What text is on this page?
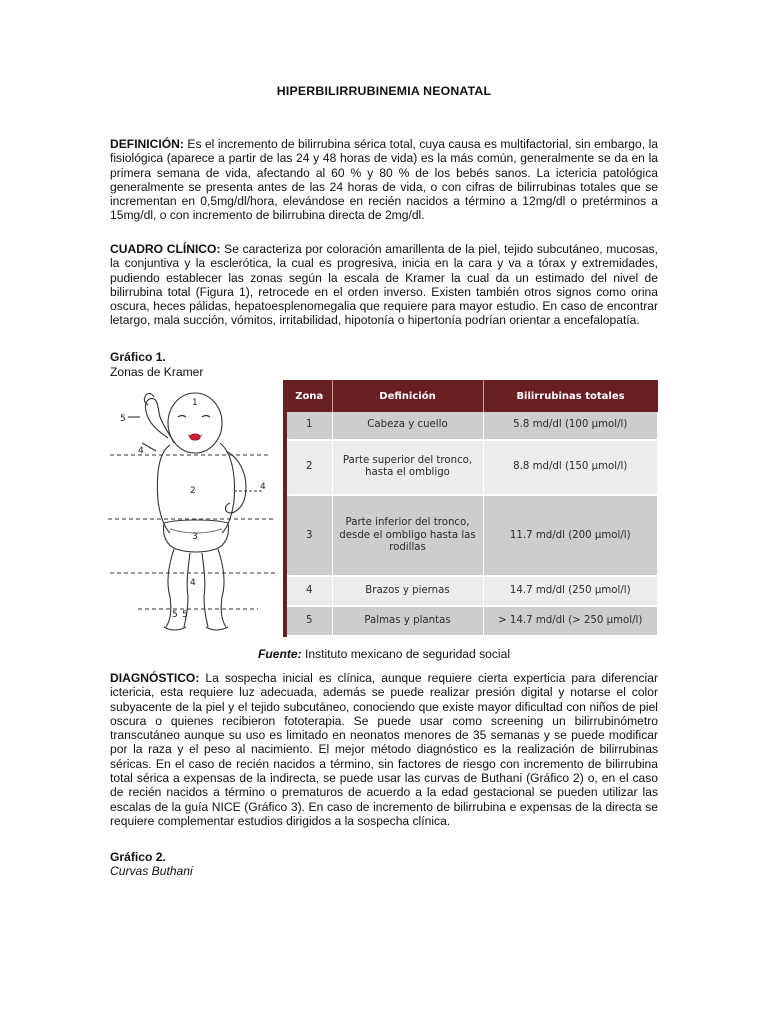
HIPERBILIRRUBINEMIA NEONATAL

DEFINICIÓN: Es el incremento de bilirrubina sérica total, cuya causa es multifactorial, sin embargo, la fisiológica (aparece a partir de las 24 y 48 horas de vida) es la más común, generalmente se da en la primera semana de vida, afectando al 60 % y 80 % de los bebés sanos. La ictericia patológica generalmente se presenta antes de las 24 horas de vida, o con cifras de bilirrubinas totales que se incrementan en 0,5mg/dl/hora, elevándose en recién nacidos a término a 12mg/dl o pretérminos a 15mg/dl, o con incremento de bilirrubina directa de 2mg/dl.

CUADRO CLÍNICO: Se caracteriza por coloración amarillenta de la piel, tejido subcutáneo, mucosas, la conjuntiva y la esclerótica, la cual es progresiva, inicia en la cara y va a tórax y extremidades, pudiendo establecer las zonas según la escala de Kramer la cual da un estimado del nivel de bilirrubina total (Figura 1), retrocede en el orden inverso. Existen también otros signos como orina oscura, heces pálidas, hepatoesplenomegalia que requiere para mayor estudio. En caso de encontrar letargo, mala succión, vómitos, irritabilidad, hipotonía o hipertonía podrían orientar a encefalopatía.

Gráfico 1.
Zonas de Kramer
1
2
3
4
4
4
5
5 5
Zona	Definición	Bilirrubinas totales
1	Cabeza y cuello	5.8 md/dl (100 μmol/l)
2	Parte superior del tronco, hasta el ombligo	8.8 md/dl (150 μmol/l)
3	Parte inferior del tronco, desde el ombligo hasta las rodillas	11.7 md/dl (200 μmol/l)
4	Brazos y piernas	14.7 md/dl (250 μmol/l)
5	Palmas y plantas	> 14.7 md/dl (> 250 μmol/l)
Fuente: Instituto mexicano de seguridad social

DIAGNÓSTICO: La sospecha inicial es clínica, aunque requiere cierta experticia para diferenciar ictericia, esta requiere luz adecuada, además se puede realizar presión digital y notarse el color subyacente de la piel y el tejido subcutáneo, conociendo que existe mayor dificultad con niños de piel oscura o quienes recibieron fototerapia. Se puede usar como screening un bilirrubinómetro transcutáneo aunque su uso es limitado en neonatos menores de 35 semanas y se puede modificar por la raza y el peso al nacimiento. El mejor método diagnóstico es la realización de bilirrubinas séricas. En el caso de recién nacidos a término, sin factores de riesgo con incremento de bilirrubina total sérica a expensas de la indirecta, se puede usar las curvas de Buthani (Gráfico 2) o, en el caso de recién nacidos a término o prematuros de acuerdo a la edad gestacional se pueden utilizar las escalas de la guía NICE (Gráfico 3). En caso de incremento de bilirrubina e expensas de la directa se requiere complementar estudios dirigidos a la sospecha clínica.

Gráfico 2.
Curvas Buthani
